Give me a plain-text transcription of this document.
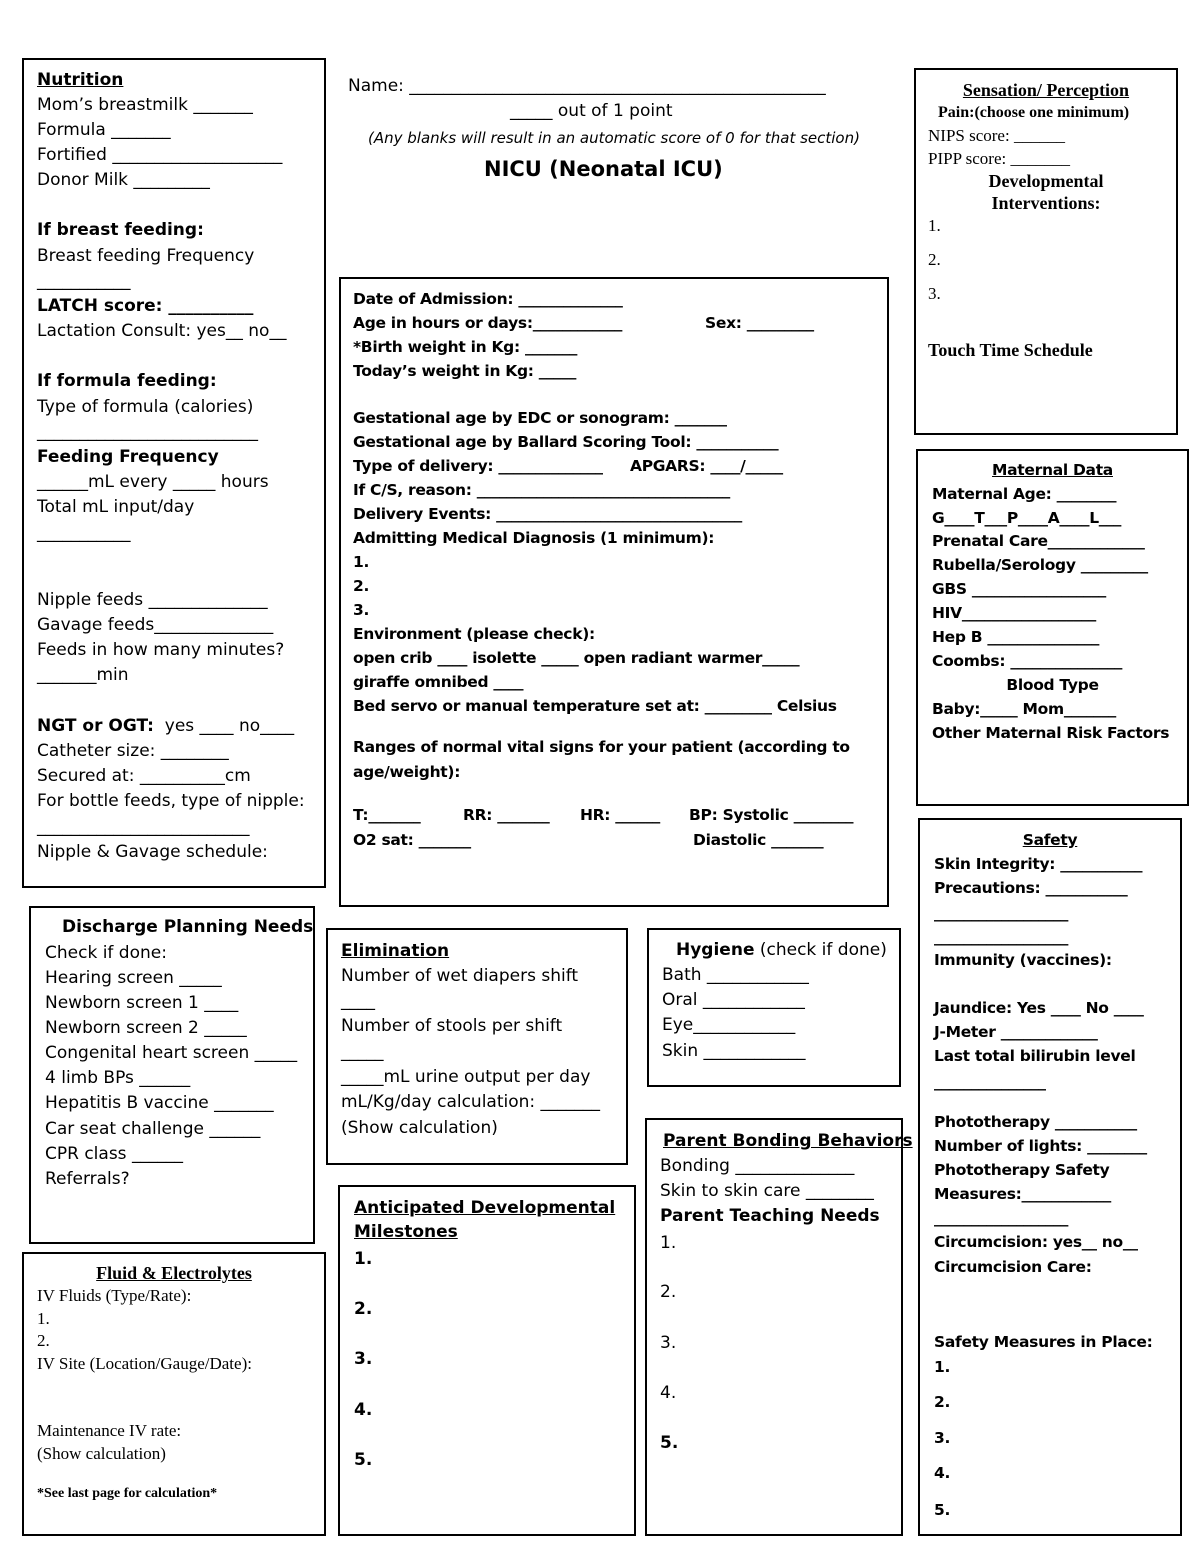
Name: _________________________________________________
_____ out of 1 point
(Any blanks will result in an automatic score of 0 for that section)
NICU (Neonatal ICU)
Nutrition
Mom’s breastmilk _______
Formula _______
Fortified ____________________
Donor Milk _________
If breast feeding:
Breast feeding Frequency
___________
LATCH score: __________
Lactation Consult: yes__ no__
If formula feeding:
Type of formula (calories)
__________________________
Feeding Frequency
______mL every _____ hours
Total mL input/day
___________
Nipple feeds ______________
Gavage feeds______________
Feeds in how many minutes?
_______min
NGT or OGT:  yes ____ no____
Catheter size: ________
Secured at: __________cm
For bottle feeds, type of nipple:
_________________________
Nipple & Gavage schedule:
Date of Admission: ______________
Age in hours or days:____________	Sex: _________
*Birth weight in Kg: _______
Today’s weight in Kg: _____
Gestational age by EDC or sonogram: _______
Gestational age by Ballard Scoring Tool: ___________
Type of delivery: ______________ APGARS: ____/_____
If C/S, reason: __________________________________
Delivery Events: _________________________________
Admitting Medical Diagnosis (1 minimum):
1.
2.
3.
Environment (please check):
open crib ____ isolette _____ open radiant warmer_____
giraffe omnibed ____
Bed servo or manual temperature set at: _________ Celsius
Ranges of normal vital signs for your patient (according to
age/weight):
T:_______	RR: _______ HR: ______ BP: Systolic ________
O2 sat: _______	Diastolic _______
Sensation/ Perception
Pain:(choose one minimum)
NIPS score: ______
PIPP score: _______
Developmental
Interventions:
1.
2.
3.
Touch Time Schedule
Maternal Data
Maternal Age: ________
G____T___P____A____L___
Prenatal Care_____________
Rubella/Serology _________
GBS __________________
HIV__________________
Hep B _______________
Coombs: _______________
Blood Type
Baby:_____ Mom_______
Other Maternal Risk Factors
Safety
Skin Integrity: ___________
Precautions: ___________
__________________
__________________
Immunity (vaccines):
Jaundice: Yes ____ No ____
J-Meter _____________
Last total bilirubin level
_______________
Phototherapy ___________
Number of lights: ________
Phototherapy Safety
Measures:____________
__________________
Circumcision: yes__ no__
Circumcision Care:
Safety Measures in Place:
1.
2.
3.
4.
5.
Discharge Planning Needs
Check if done:
Hearing screen _____
Newborn screen 1 ____
Newborn screen 2 _____
Congenital heart screen _____
4 limb BPs ______
Hepatitis B vaccine _______
Car seat challenge ______
CPR class ______
Referrals?
Elimination
Number of wet diapers shift
____
Number of stools per shift
_____
_____mL urine output per day
mL/Kg/day calculation: _______
(Show calculation)
Hygiene (check if done)
Bath ____________
Oral ____________
Eye____________
Skin ____________
Fluid & Electrolytes
IV Fluids (Type/Rate):
1.
2.
IV Site (Location/Gauge/Date):
Maintenance IV rate:
(Show calculation)
*See last page for calculation*
Anticipated Developmental
Milestones
1.
2.
3.
4.
5.
Parent Bonding Behaviors
Bonding ______________
Skin to skin care ________
Parent Teaching Needs
1.
2.
3.
4.
5.
